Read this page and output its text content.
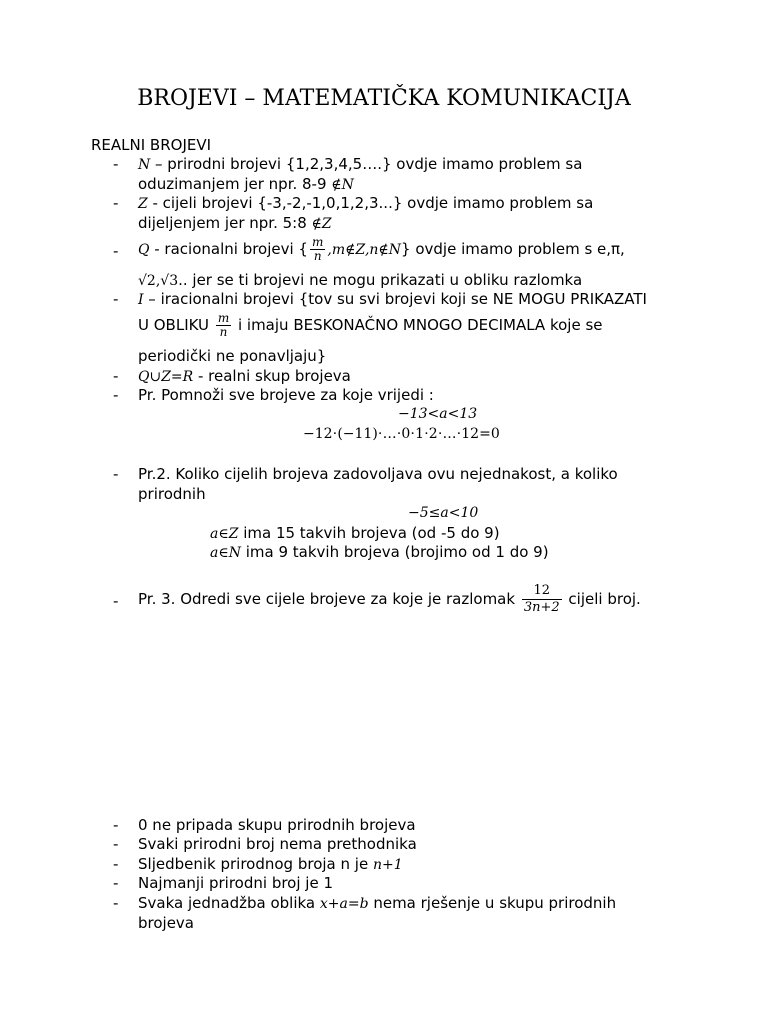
BROJEVI – MATEMATIČKA KOMUNIKACIJA
REALNI BROJEVI
- N – prirodni brojevi {1,2,3,4,5….} ovdje imamo problem sa
oduzimanjem jer npr. 8-9 ∉N
- Z - cijeli brojevi {-3,-2,-1,0,1,2,3...} ovdje imamo problem sa
dijeljenjem jer npr. 5:8 ∉Z
- Q - racionalni brojevi { $\frac{m}{n}$ ,m∉Z,n∉N} ovdje imamo problem s e,π,
√2,√3.. jer se ti brojevi ne mogu prikazati u obliku razlomka
- I – iracionalni brojevi {tov su svi brojevi koji se NE MOGU PRIKAZATI
U OBLIKU $\frac{m}{n}$ i imaju BESKONAČNO MNOGO DECIMALA koje se
periodički ne ponavljaju}
- Q∪Z=R - realni skup brojeva
- Pr. Pomnoži sve brojeve za koje vrijedi :
−13<a<13
−12⋅(−11)⋅…⋅0⋅1⋅2⋅…⋅12=0
- Pr.2. Koliko cijelih brojeva zadovoljava ovu nejednakost, a koliko
prirodnih
−5≤a<10
a∈Z ima 15 takvih brojeva (od -5 do 9)
a∈N ima 9 takvih brojeva (brojimo od 1 do 9)
- Pr. 3. Odredi sve cijele brojeve za koje je razlomak $\frac{12}{3n+2}$ cijeli broj.
- 0 ne pripada skupu prirodnih brojeva
- Svaki prirodni broj nema prethodnika
- Sljedbenik prirodnog broja n je n+1
- Najmanji prirodni broj je 1
- Svaka jednadžba oblika x+a=b nema rješenje u skupu prirodnih
brojeva
